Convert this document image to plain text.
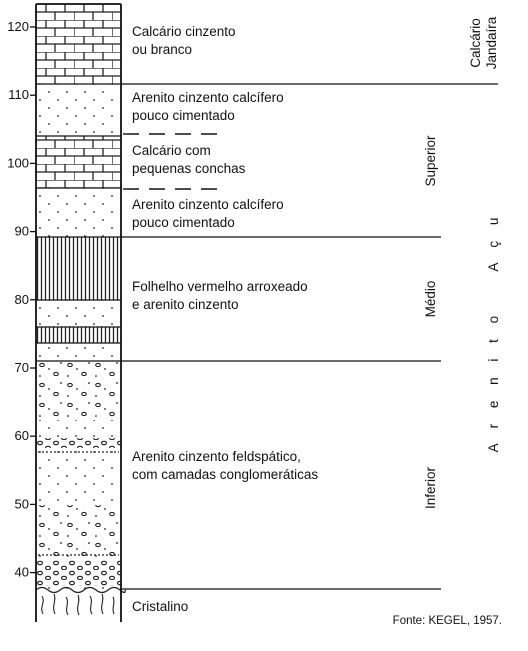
120
110
100
90
80
70
60
50
40
Calcário cinzento
ou branco
Arenito cinzento calcífero
pouco cimentado
Calcário com
pequenas conchas
Arenito cinzento calcífero
pouco cimentado
Folhelho vermelho arroxeado
e arenito cinzento
Arenito cinzento feldspático,
com camadas conglomeráticas
Cristalino
Superior
Médio
Inferior
Calcário Jandaíra
A r e n i t o    A ç u
Fonte: KEGEL, 1957.
